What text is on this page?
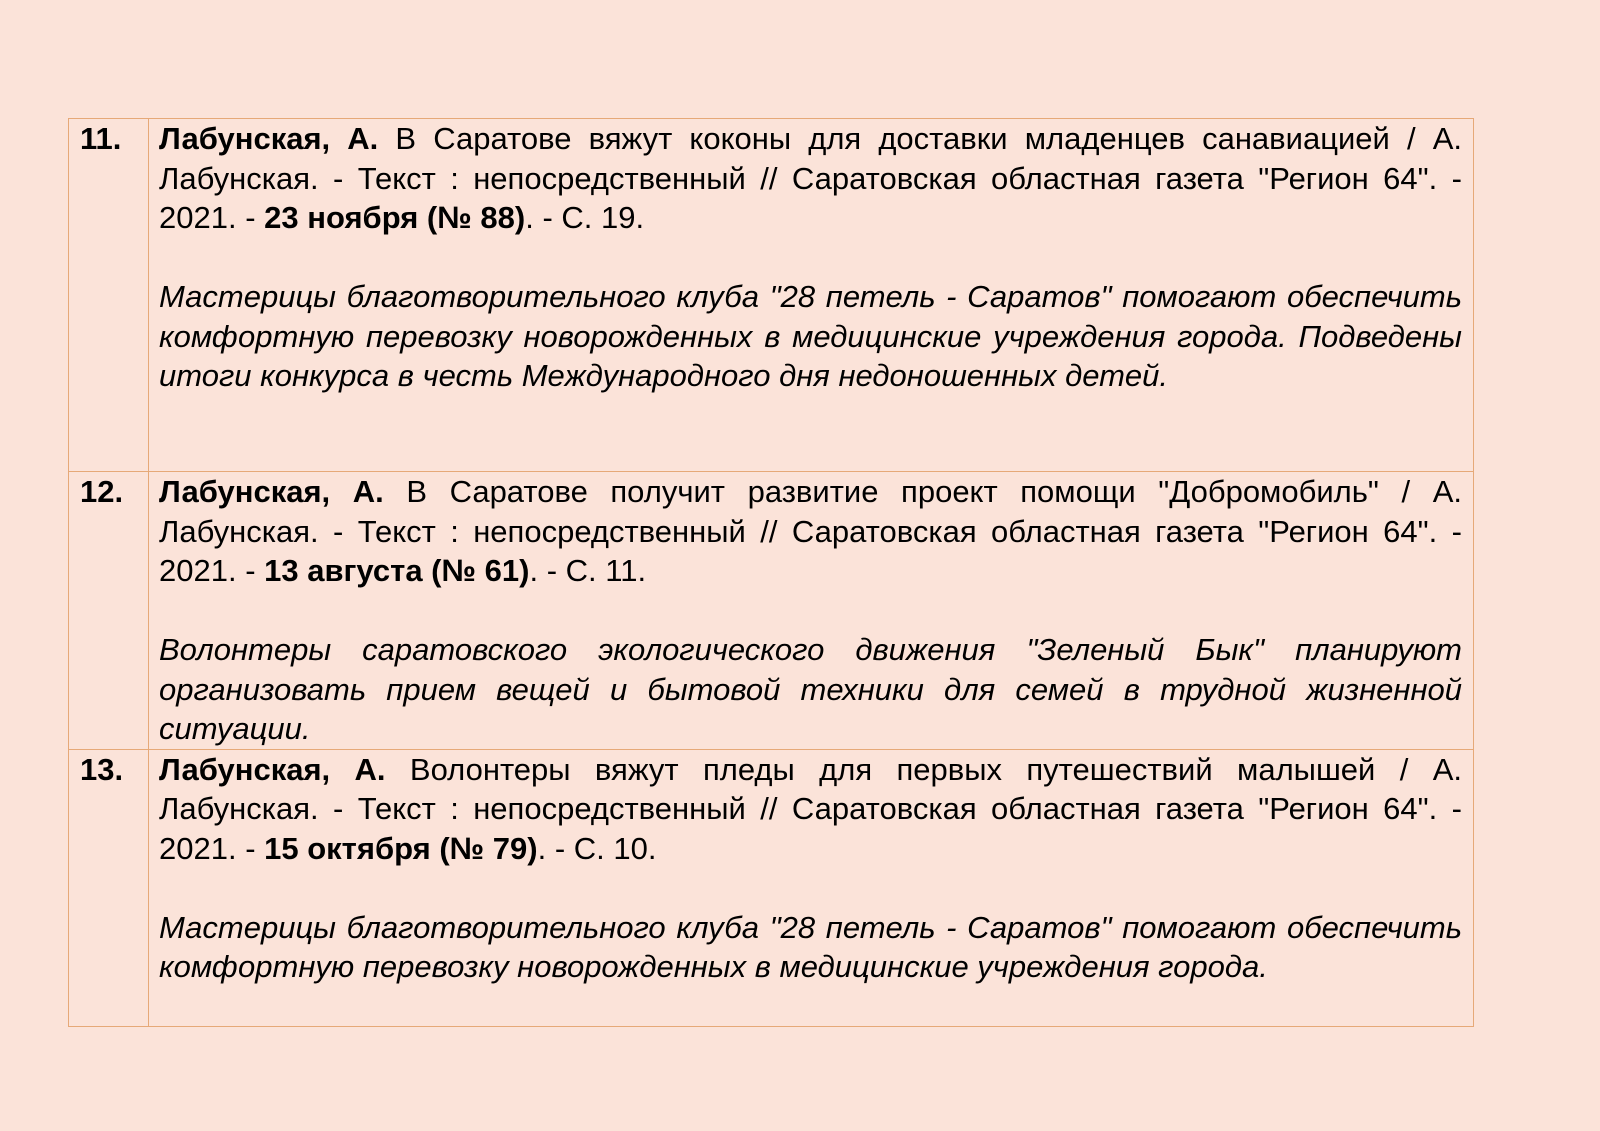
11.	Лабунская, А. В Саратове вяжут коконы для доставки младенцев санавиацией / А. Лабунская. - Текст : непосредственный // Саратовская областная газета "Регион 64". - 2021. - 23 ноября (№ 88). - С. 19.

Мастерицы благотворительного клуба "28 петель - Саратов" помогают обеспечить комфортную перевозку новорожденных в медицинские учреждения города. Подведены итоги конкурса в честь Международного дня недоношенных детей.

12.	Лабунская, А. В Саратове получит развитие проект помощи "Добромобиль" / А. Лабунская. - Текст : непосредственный // Саратовская областная газета "Регион 64". - 2021. - 13 августа (№ 61). - С. 11.

Волонтеры саратовского экологического движения "Зеленый Бык" планируют организовать прием вещей и бытовой техники для семей в трудной жизненной ситуации.

13.	Лабунская, А. Волонтеры вяжут пледы для первых путешествий малышей / А. Лабунская. - Текст : непосредственный // Саратовская областная газета "Регион 64". - 2021. - 15 октября (№ 79). - С. 10.

Мастерицы благотворительного клуба "28 петель - Саратов" помогают обеспечить комфортную перевозку новорожденных в медицинские учреждения города.
